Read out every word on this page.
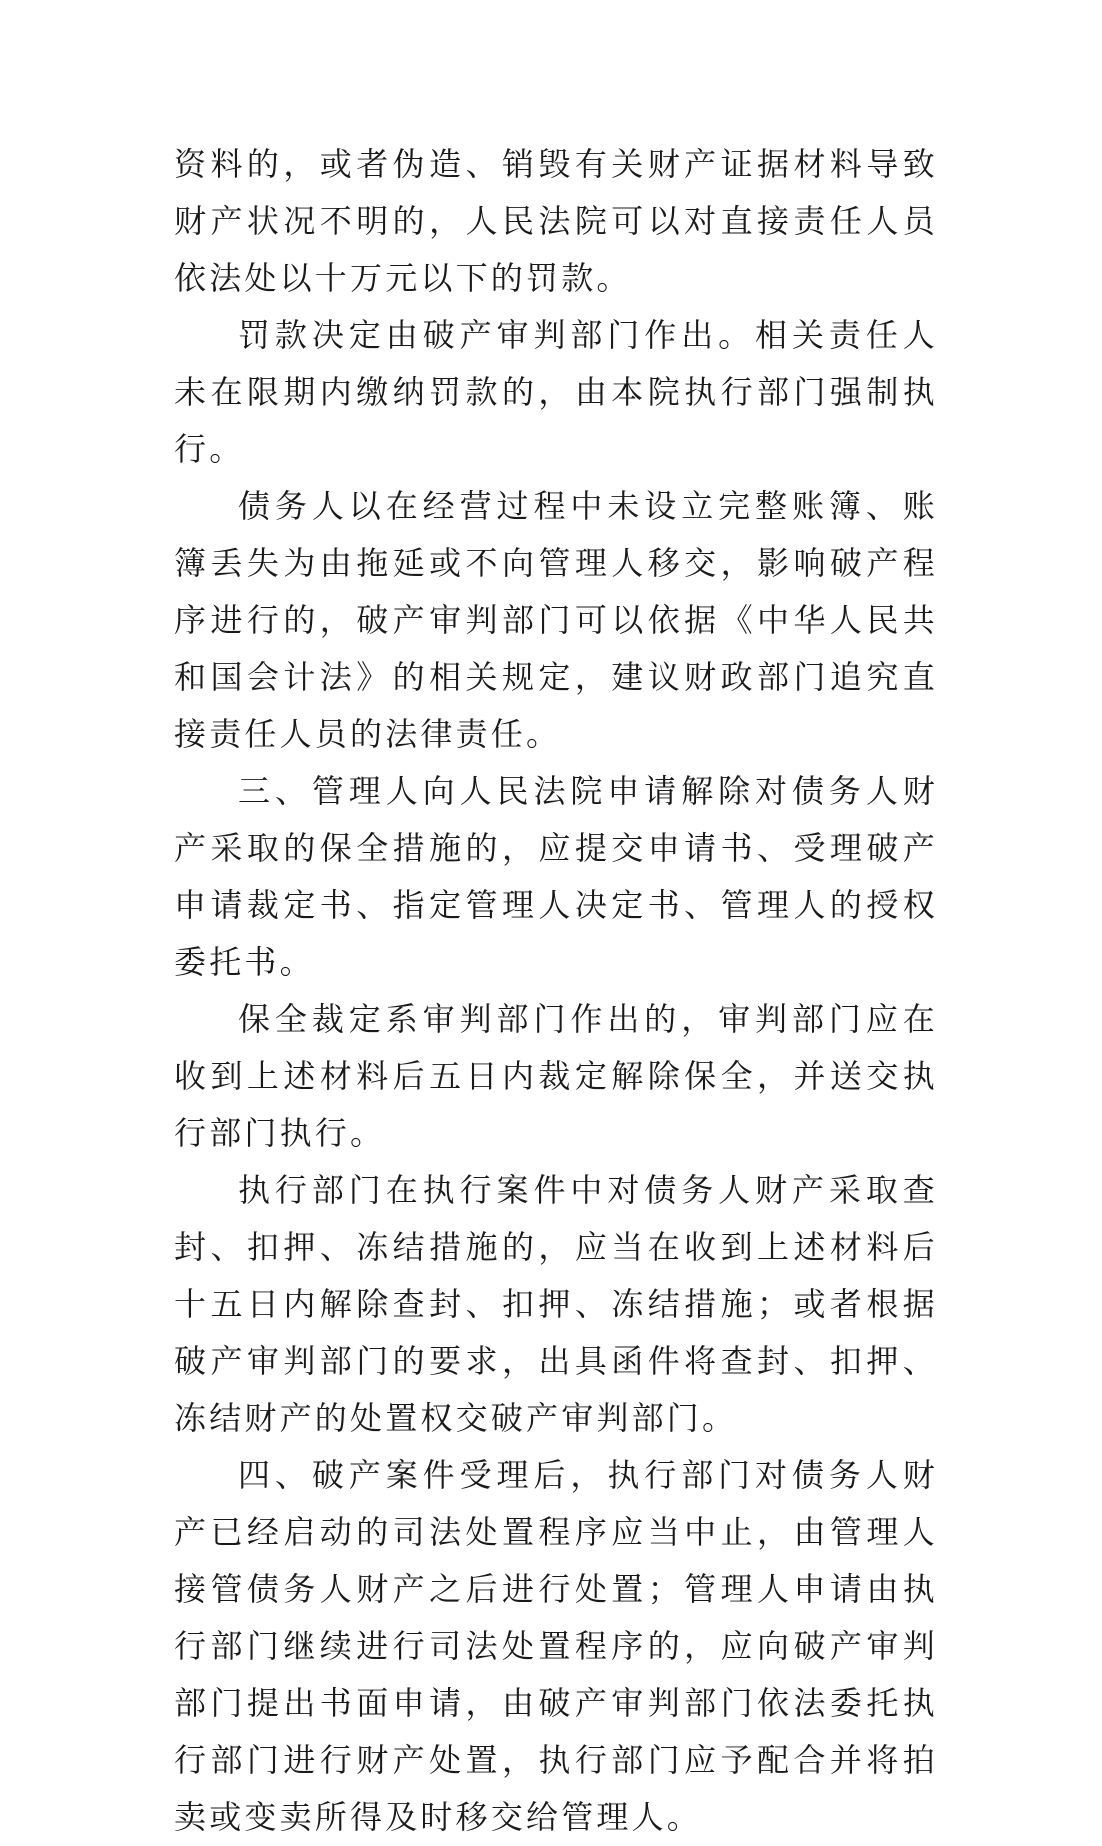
资料的，或者伪造、销毁有关财产证据材料导致财产状况不明的，人民法院可以对直接责任人员依法处以十万元以下的罚款。

罚款决定由破产审判部门作出。相关责任人未在限期内缴纳罚款的，由本院执行部门强制执行。

债务人以在经营过程中未设立完整账簿、账簿丢失为由拖延或不向管理人移交，影响破产程序进行的，破产审判部门可以依据《中华人民共和国会计法》的相关规定，建议财政部门追究直接责任人员的法律责任。

三、管理人向人民法院申请解除对债务人财产采取的保全措施的，应提交申请书、受理破产申请裁定书、指定管理人决定书、管理人的授权委托书。

保全裁定系审判部门作出的，审判部门应在收到上述材料后五日内裁定解除保全，并送交执行部门执行。

执行部门在执行案件中对债务人财产采取查封、扣押、冻结措施的，应当在收到上述材料后十五日内解除查封、扣押、冻结措施；或者根据破产审判部门的要求，出具函件将查封、扣押、冻结财产的处置权交破产审判部门。

四、破产案件受理后，执行部门对债务人财产已经启动的司法处置程序应当中止，由管理人接管债务人财产之后进行处置；管理人申请由执行部门继续进行司法处置程序的，应向破产审判部门提出书面申请，由破产审判部门依法委托执行部门进行财产处置，执行部门应予配合并将拍卖或变卖所得及时移交给管理人。
